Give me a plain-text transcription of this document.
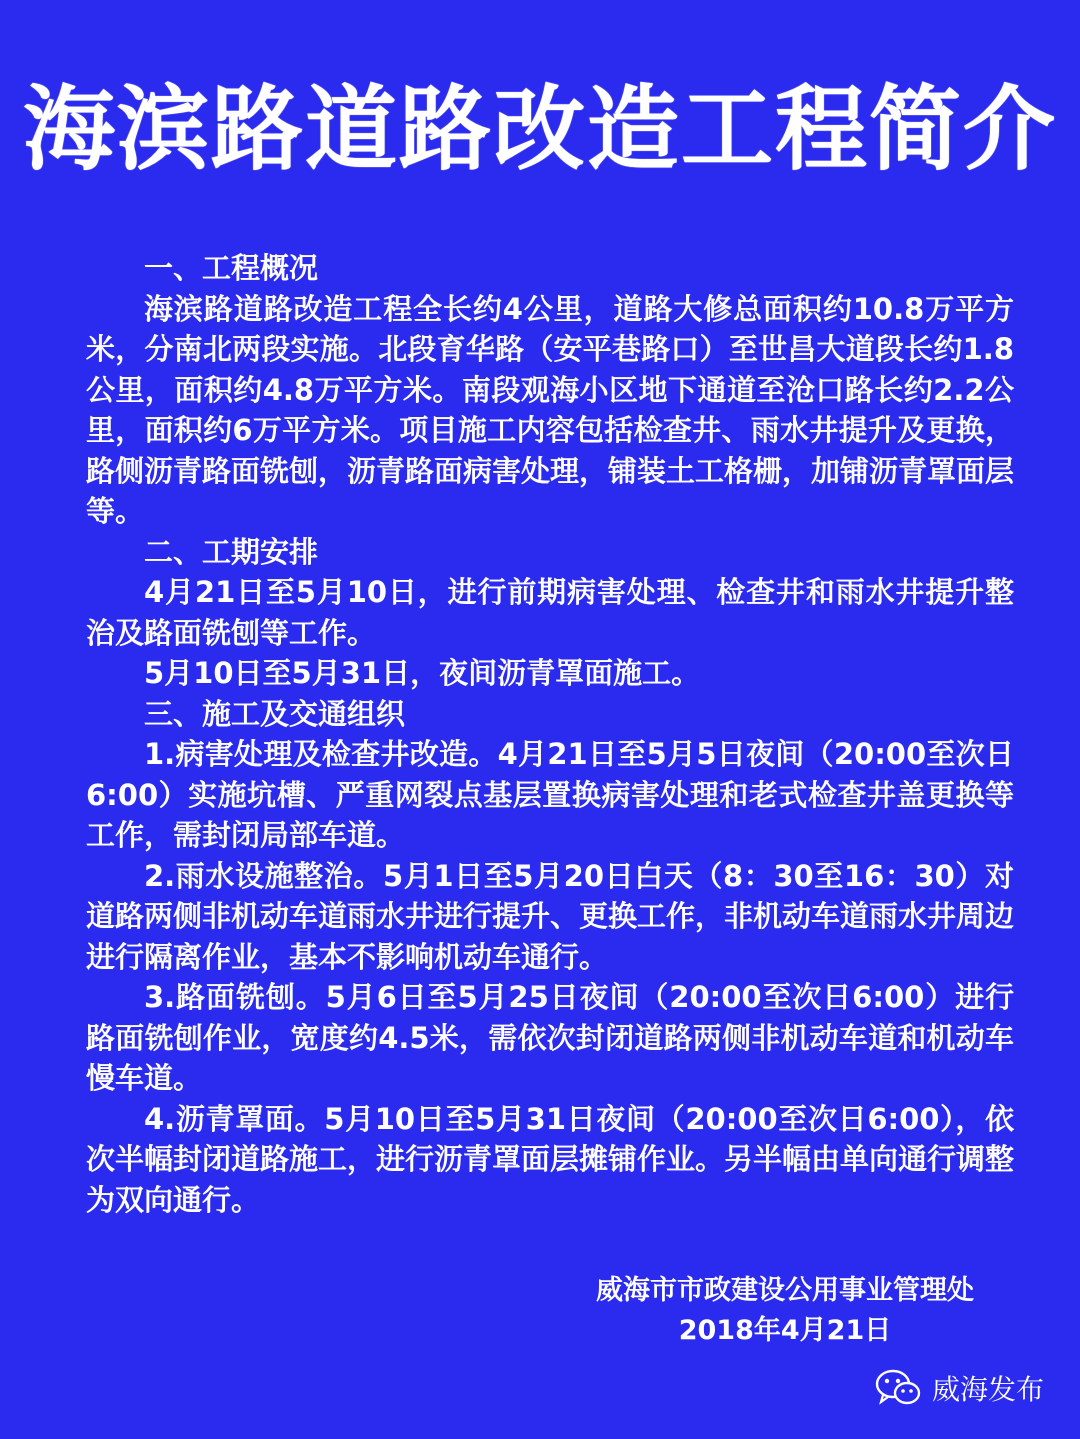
海滨路道路改造工程简介

一、工程概况

海滨路道路改造工程全长约4公里，道路大修总面积约10.8万平方米，分南北两段实施。北段育华路（安平巷路口）至世昌大道段长约1.8公里，面积约4.8万平方米。南段观海小区地下通道至沧口路长约2.2公里，面积约6万平方米。项目施工内容包括检查井、雨水井提升及更换，路侧沥青路面铣刨，沥青路面病害处理，铺装土工格栅，加铺沥青罩面层等。

二、工期安排

4月21日至5月10日，进行前期病害处理、检查井和雨水井提升整治及路面铣刨等工作。

5月10日至5月31日，夜间沥青罩面施工。

三、施工及交通组织

1.病害处理及检查井改造。4月21日至5月5日夜间（20:00至次日6:00）实施坑槽、严重网裂点基层置换病害处理和老式检查井盖更换等工作，需封闭局部车道。

2.雨水设施整治。5月1日至5月20日白天（8：30至16：30）对道路两侧非机动车道雨水井进行提升、更换工作，非机动车道雨水井周边进行隔离作业，基本不影响机动车通行。

3.路面铣刨。5月6日至5月25日夜间（20:00至次日6:00）进行路面铣刨作业，宽度约4.5米，需依次封闭道路两侧非机动车道和机动车慢车道。

4.沥青罩面。5月10日至5月31日夜间（20:00至次日6:00），依次半幅封闭道路施工，进行沥青罩面层摊铺作业。另半幅由单向通行调整为双向通行。

威海市市政建设公用事业管理处
2018年4月21日
威海发布
